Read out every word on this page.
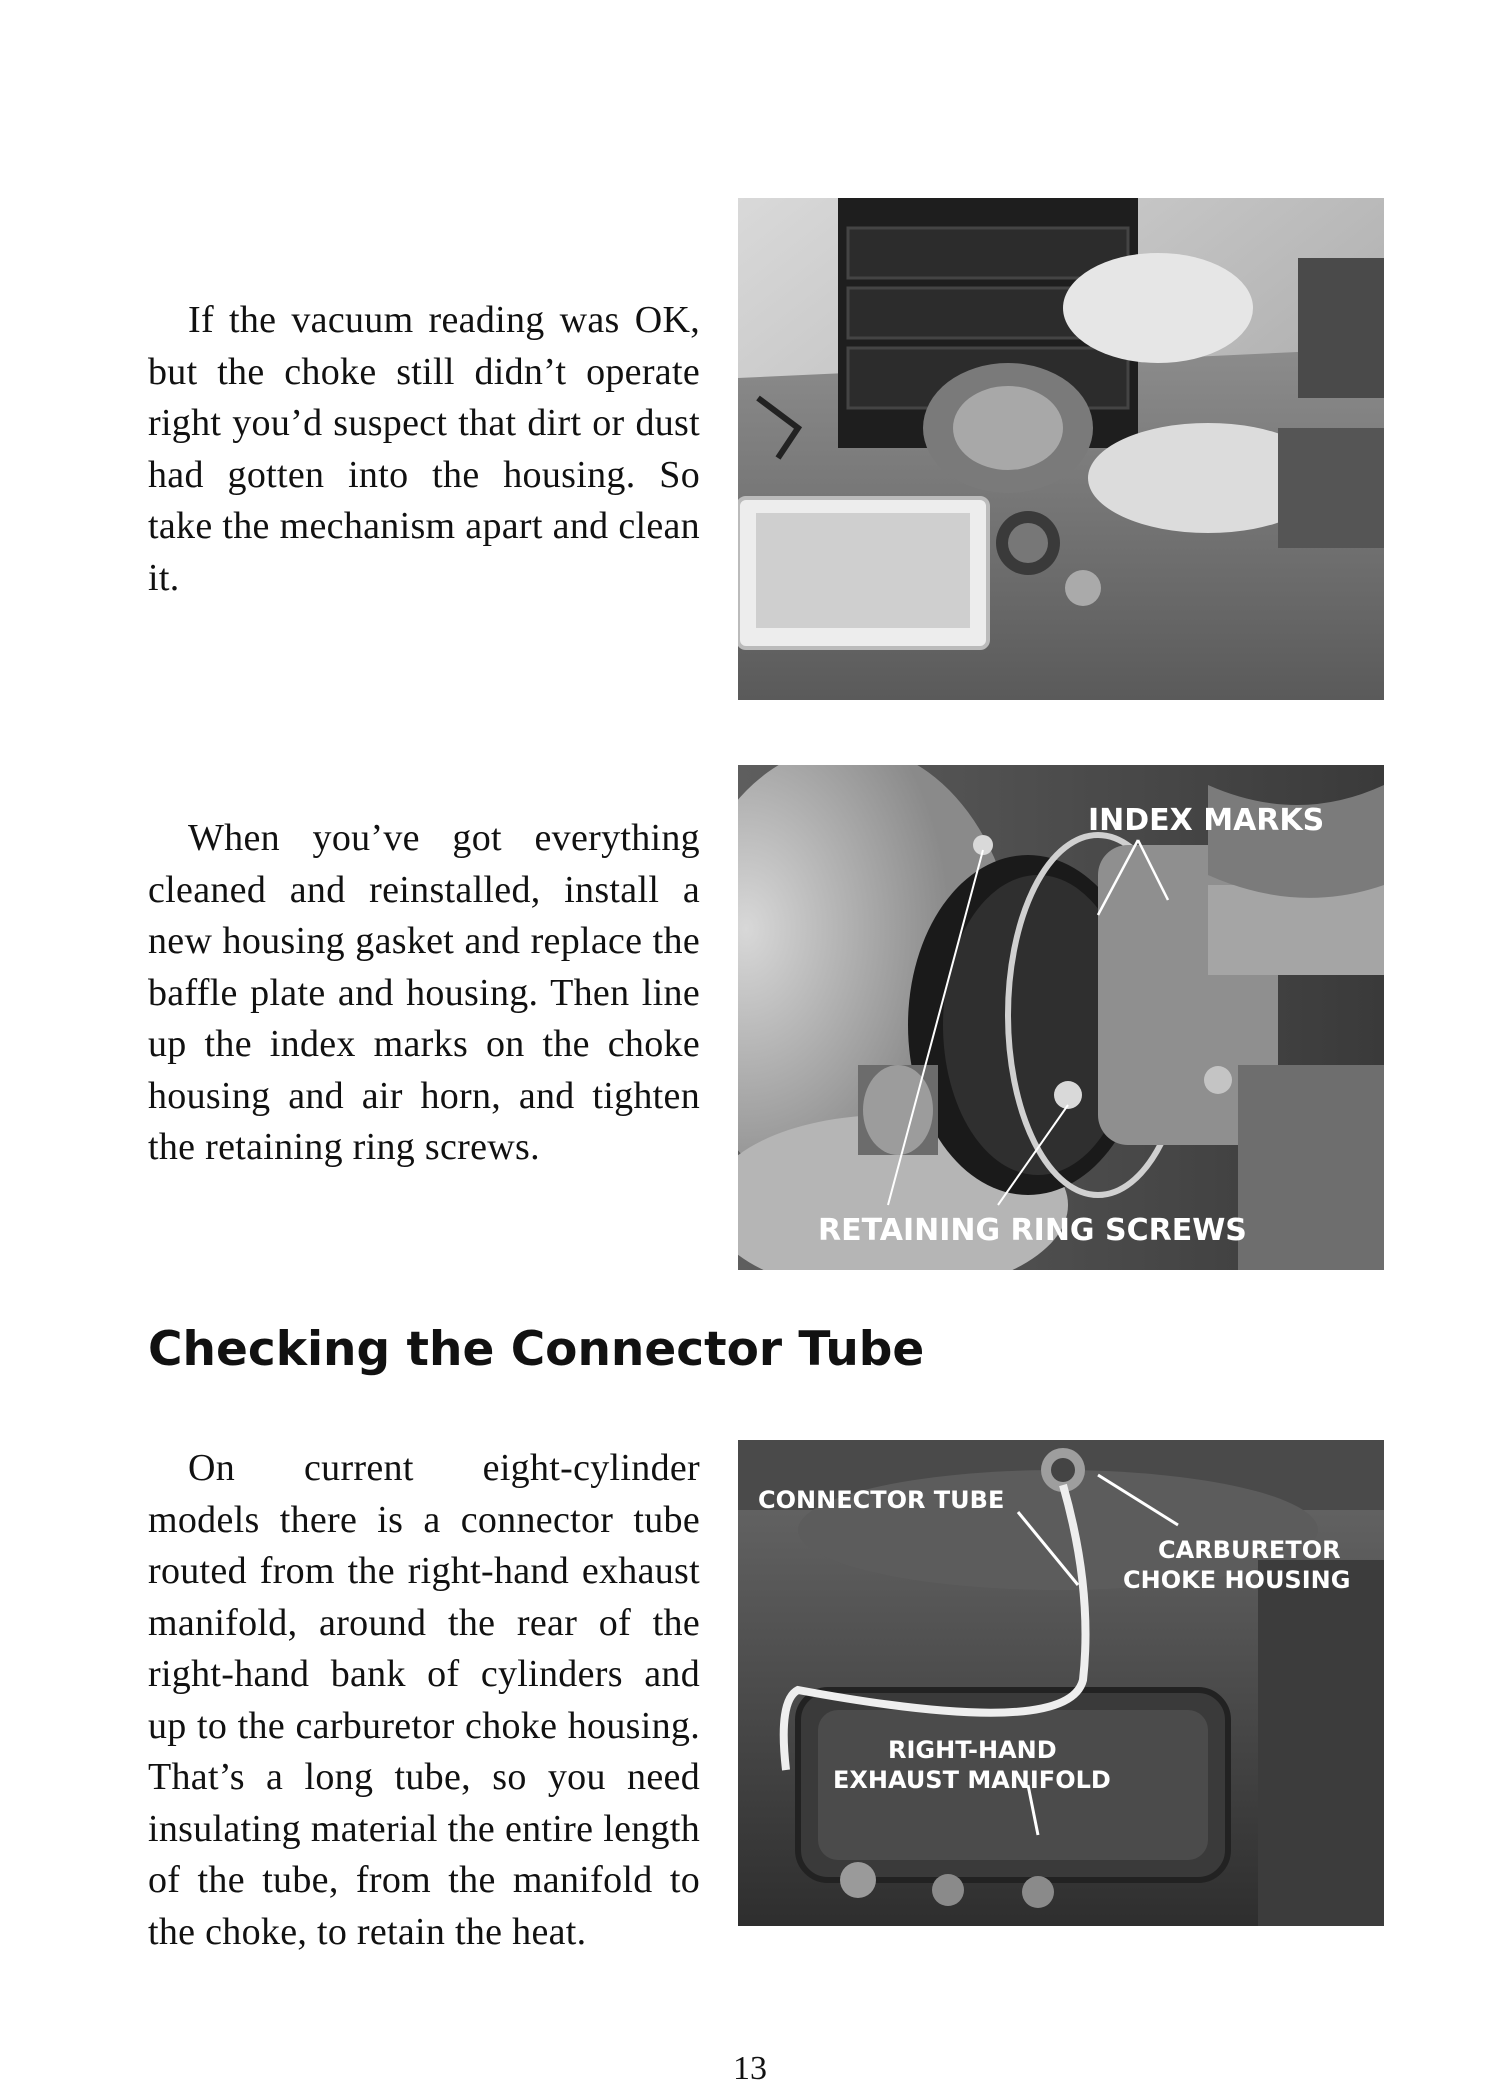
If the vacuum reading was OK, but the choke still didn’t operate right you’d suspect that dirt or dust had gotten into the housing. So take the mechanism apart and clean it.

When you’ve got everything cleaned and reinstalled, install a new housing gasket and replace the baffle plate and housing. Then line up the index marks on the choke housing and air horn, and tighten the retaining ring screws.

INDEX MARKS
RETAINING RING SCREWS
Checking the Connector Tube

On current eight-cylinder models there is a connector tube routed from the right-hand exhaust manifold, around the rear of the right-hand bank of cylinders and up to the carburetor choke housing. That’s a long tube, so you need insulating material the entire length of the tube, from the manifold to the choke, to retain the heat.

CONNECTOR TUBE
CARBURETOR
CHOKE HOUSING
RIGHT-HAND
EXHAUST MANIFOLD
13
